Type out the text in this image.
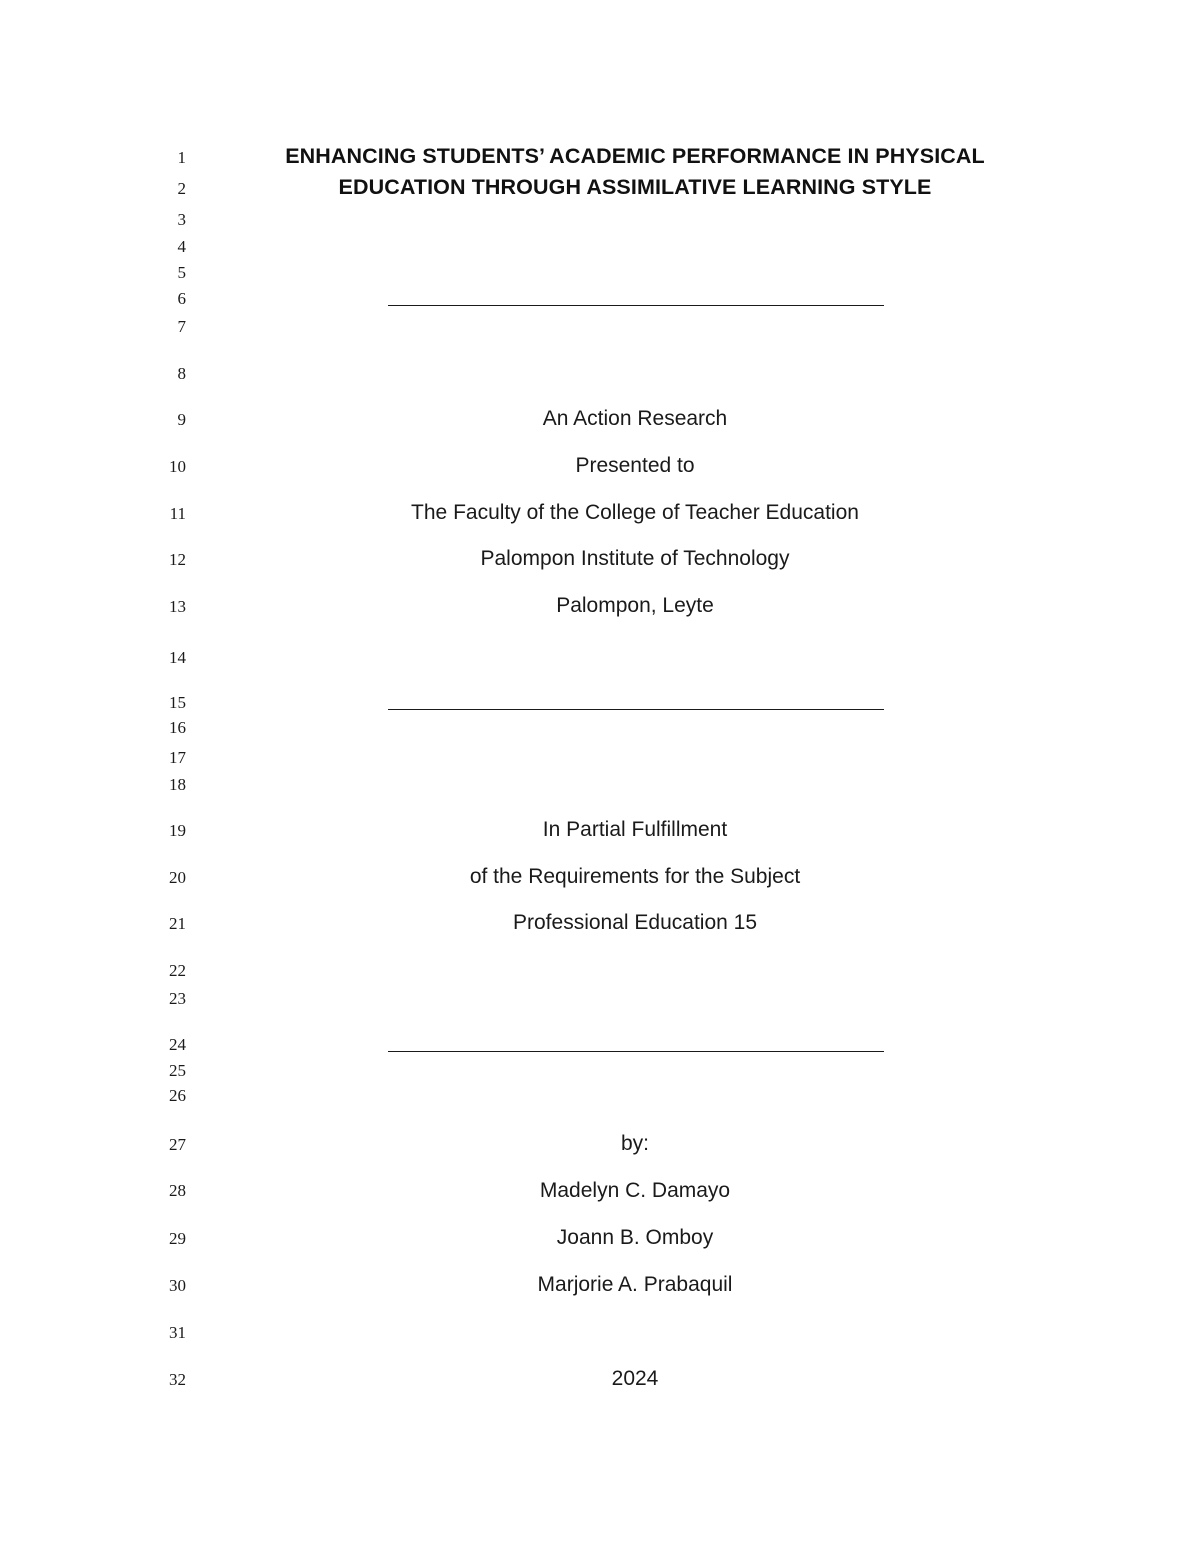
1
2
3
4
5
6
7
8
9
10
11
12
13
14
15
16
17
18
19
20
21
22
23
24
25
26
27
28
29
30
31
32
ENHANCING STUDENTS’ ACADEMIC PERFORMANCE IN PHYSICAL
EDUCATION THROUGH ASSIMILATIVE LEARNING STYLE
An Action Research
Presented to
The Faculty of the College of Teacher Education
Palompon Institute of Technology
Palompon, Leyte
In Partial Fulfillment
of the Requirements for the Subject
Professional Education 15
by:
Madelyn C. Damayo
Joann B. Omboy
Marjorie A. Prabaquil
2024
